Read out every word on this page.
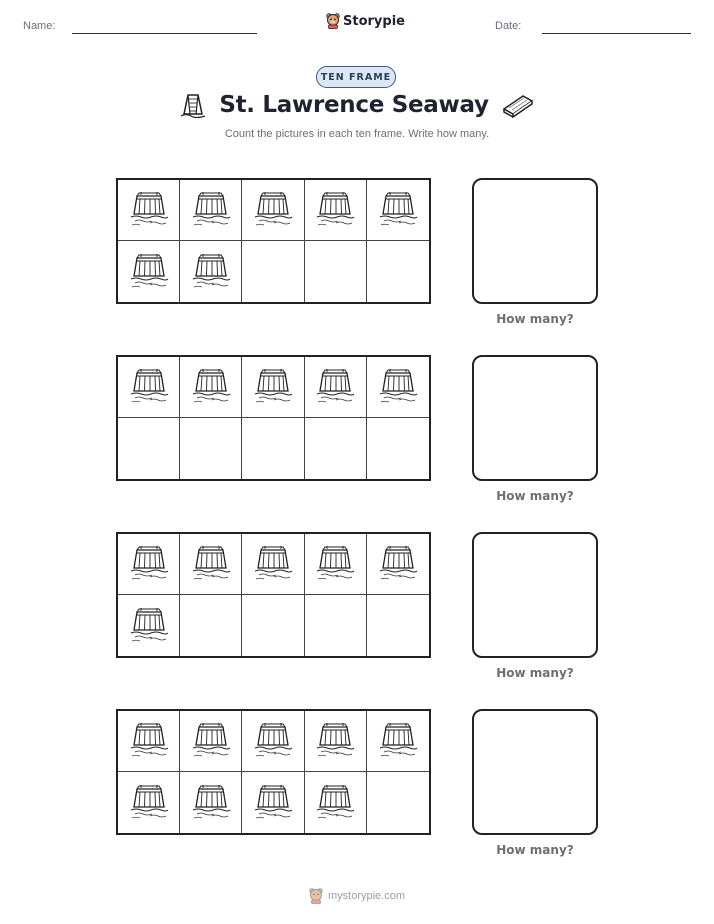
Name:	Storypie	Date:
TEN FRAME
St. Lawrence Seaway
Count the pictures in each ten frame. Write how many.
How many?
How many?
How many?
How many?
mystorypie.com
